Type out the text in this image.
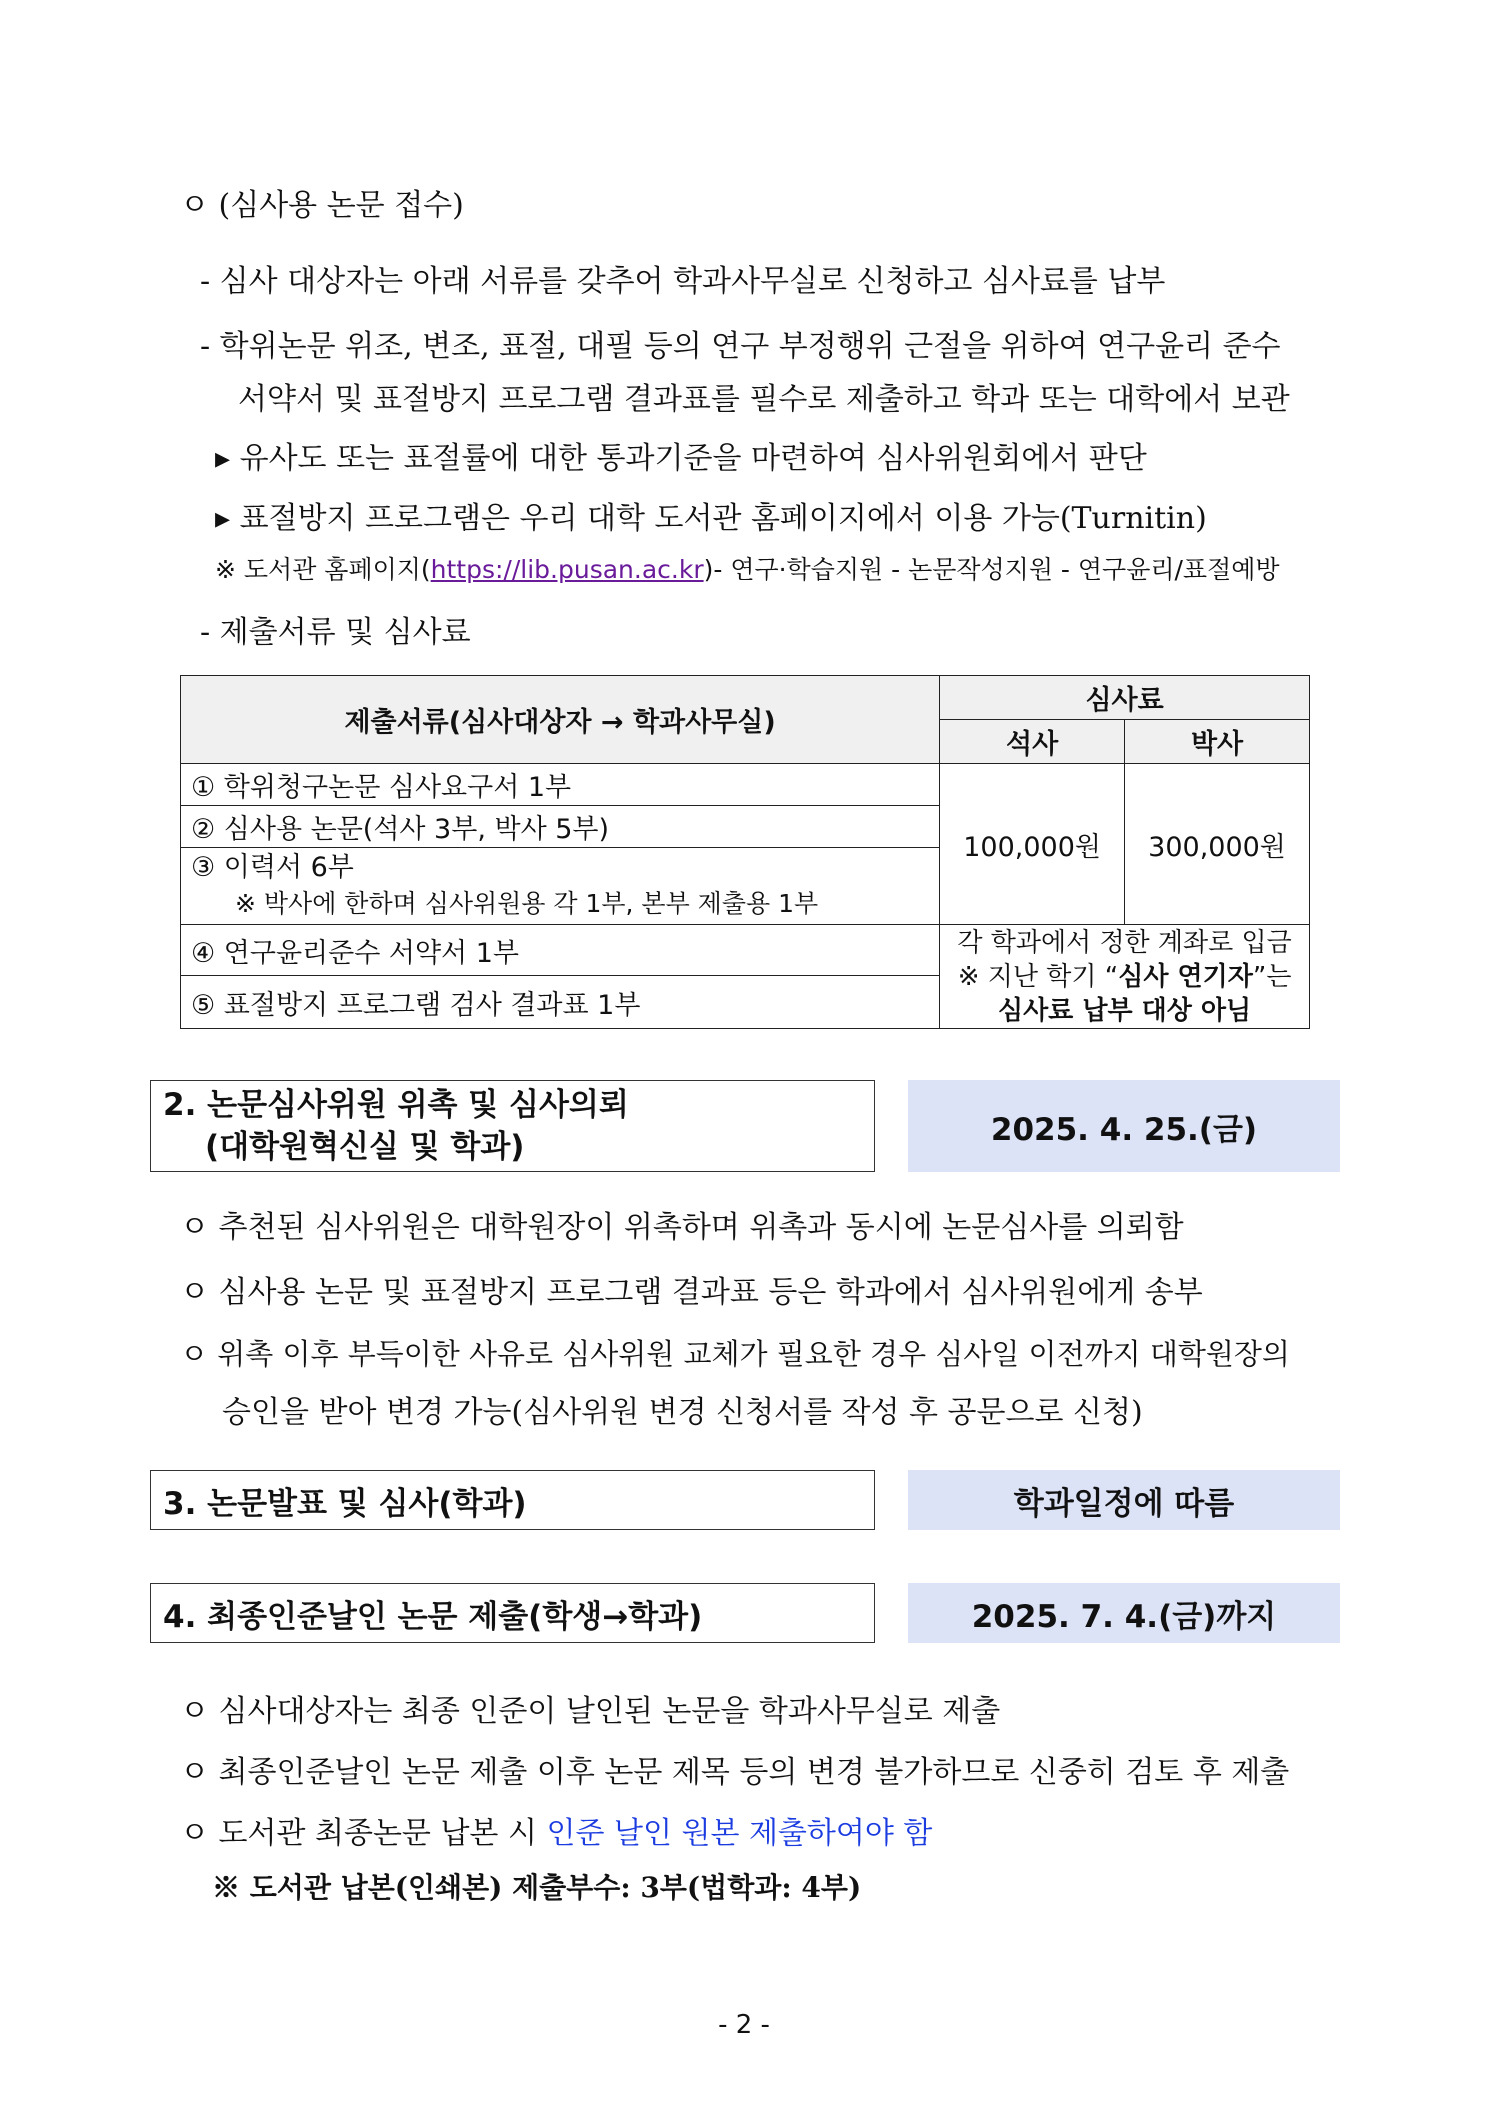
ㅇ (심사용 논문 접수)
- 심사 대상자는 아래 서류를 갖추어 학과사무실로 신청하고 심사료를 납부
- 학위논문 위조, 변조, 표절, 대필 등의 연구 부정행위 근절을 위하여 연구윤리 준수
서약서 및 표절방지 프로그램 결과표를 필수로 제출하고 학과 또는 대학에서 보관
▸ 유사도 또는 표절률에 대한 통과기준을 마련하여 심사위원회에서 판단
▸ 표절방지 프로그램은 우리 대학 도서관 홈페이지에서 이용 가능(Turnitin)
※ 도서관 홈페이지(https://lib.pusan.ac.kr)- 연구·학습지원 - 논문작성지원 - 연구윤리/표절예방
- 제출서류 및 심사료
제출서류(심사대상자 → 학과사무실)	심사료	
	석사	박사
① 학위청구논문 심사요구서 1부	100,000원	300,000원
② 심사용 논문(석사 3부, 박사 5부)		
③ 이력서 6부
※ 박사에 한하며 심사위원용 각 1부, 본부 제출용 1부		

④ 연구윤리준수 서약서 1부	각 학과에서 정한 계좌로 입금
※ 지난 학기 “심사 연기자”는
심사료 납부 대상 아님	

⑤ 표절방지 프로그램 검사 결과표 1부		
2. 논문심사위원 위촉 및 심사의뢰
(대학원혁신실 및 학과)	2025. 4. 25.(금)
ㅇ 추천된 심사위원은 대학원장이 위촉하며 위촉과 동시에 논문심사를 의뢰함
ㅇ 심사용 논문 및 표절방지 프로그램 결과표 등은 학과에서 심사위원에게 송부
ㅇ 위촉 이후 부득이한 사유로 심사위원 교체가 필요한 경우 심사일 이전까지 대학원장의
승인을 받아 변경 가능(심사위원 변경 신청서를 작성 후 공문으로 신청)
3. 논문발표 및 심사(학과)	학과일정에 따름
4. 최종인준날인 논문 제출(학생→학과)	2025. 7. 4.(금)까지
ㅇ 심사대상자는 최종 인준이 날인된 논문을 학과사무실로 제출
ㅇ 최종인준날인 논문 제출 이후 논문 제목 등의 변경 불가하므로 신중히 검토 후 제출
ㅇ 도서관 최종논문 납본 시 인준 날인 원본 제출하여야 함
※ 도서관 납본(인쇄본) 제출부수: 3부(법학과: 4부)
- 2 -
